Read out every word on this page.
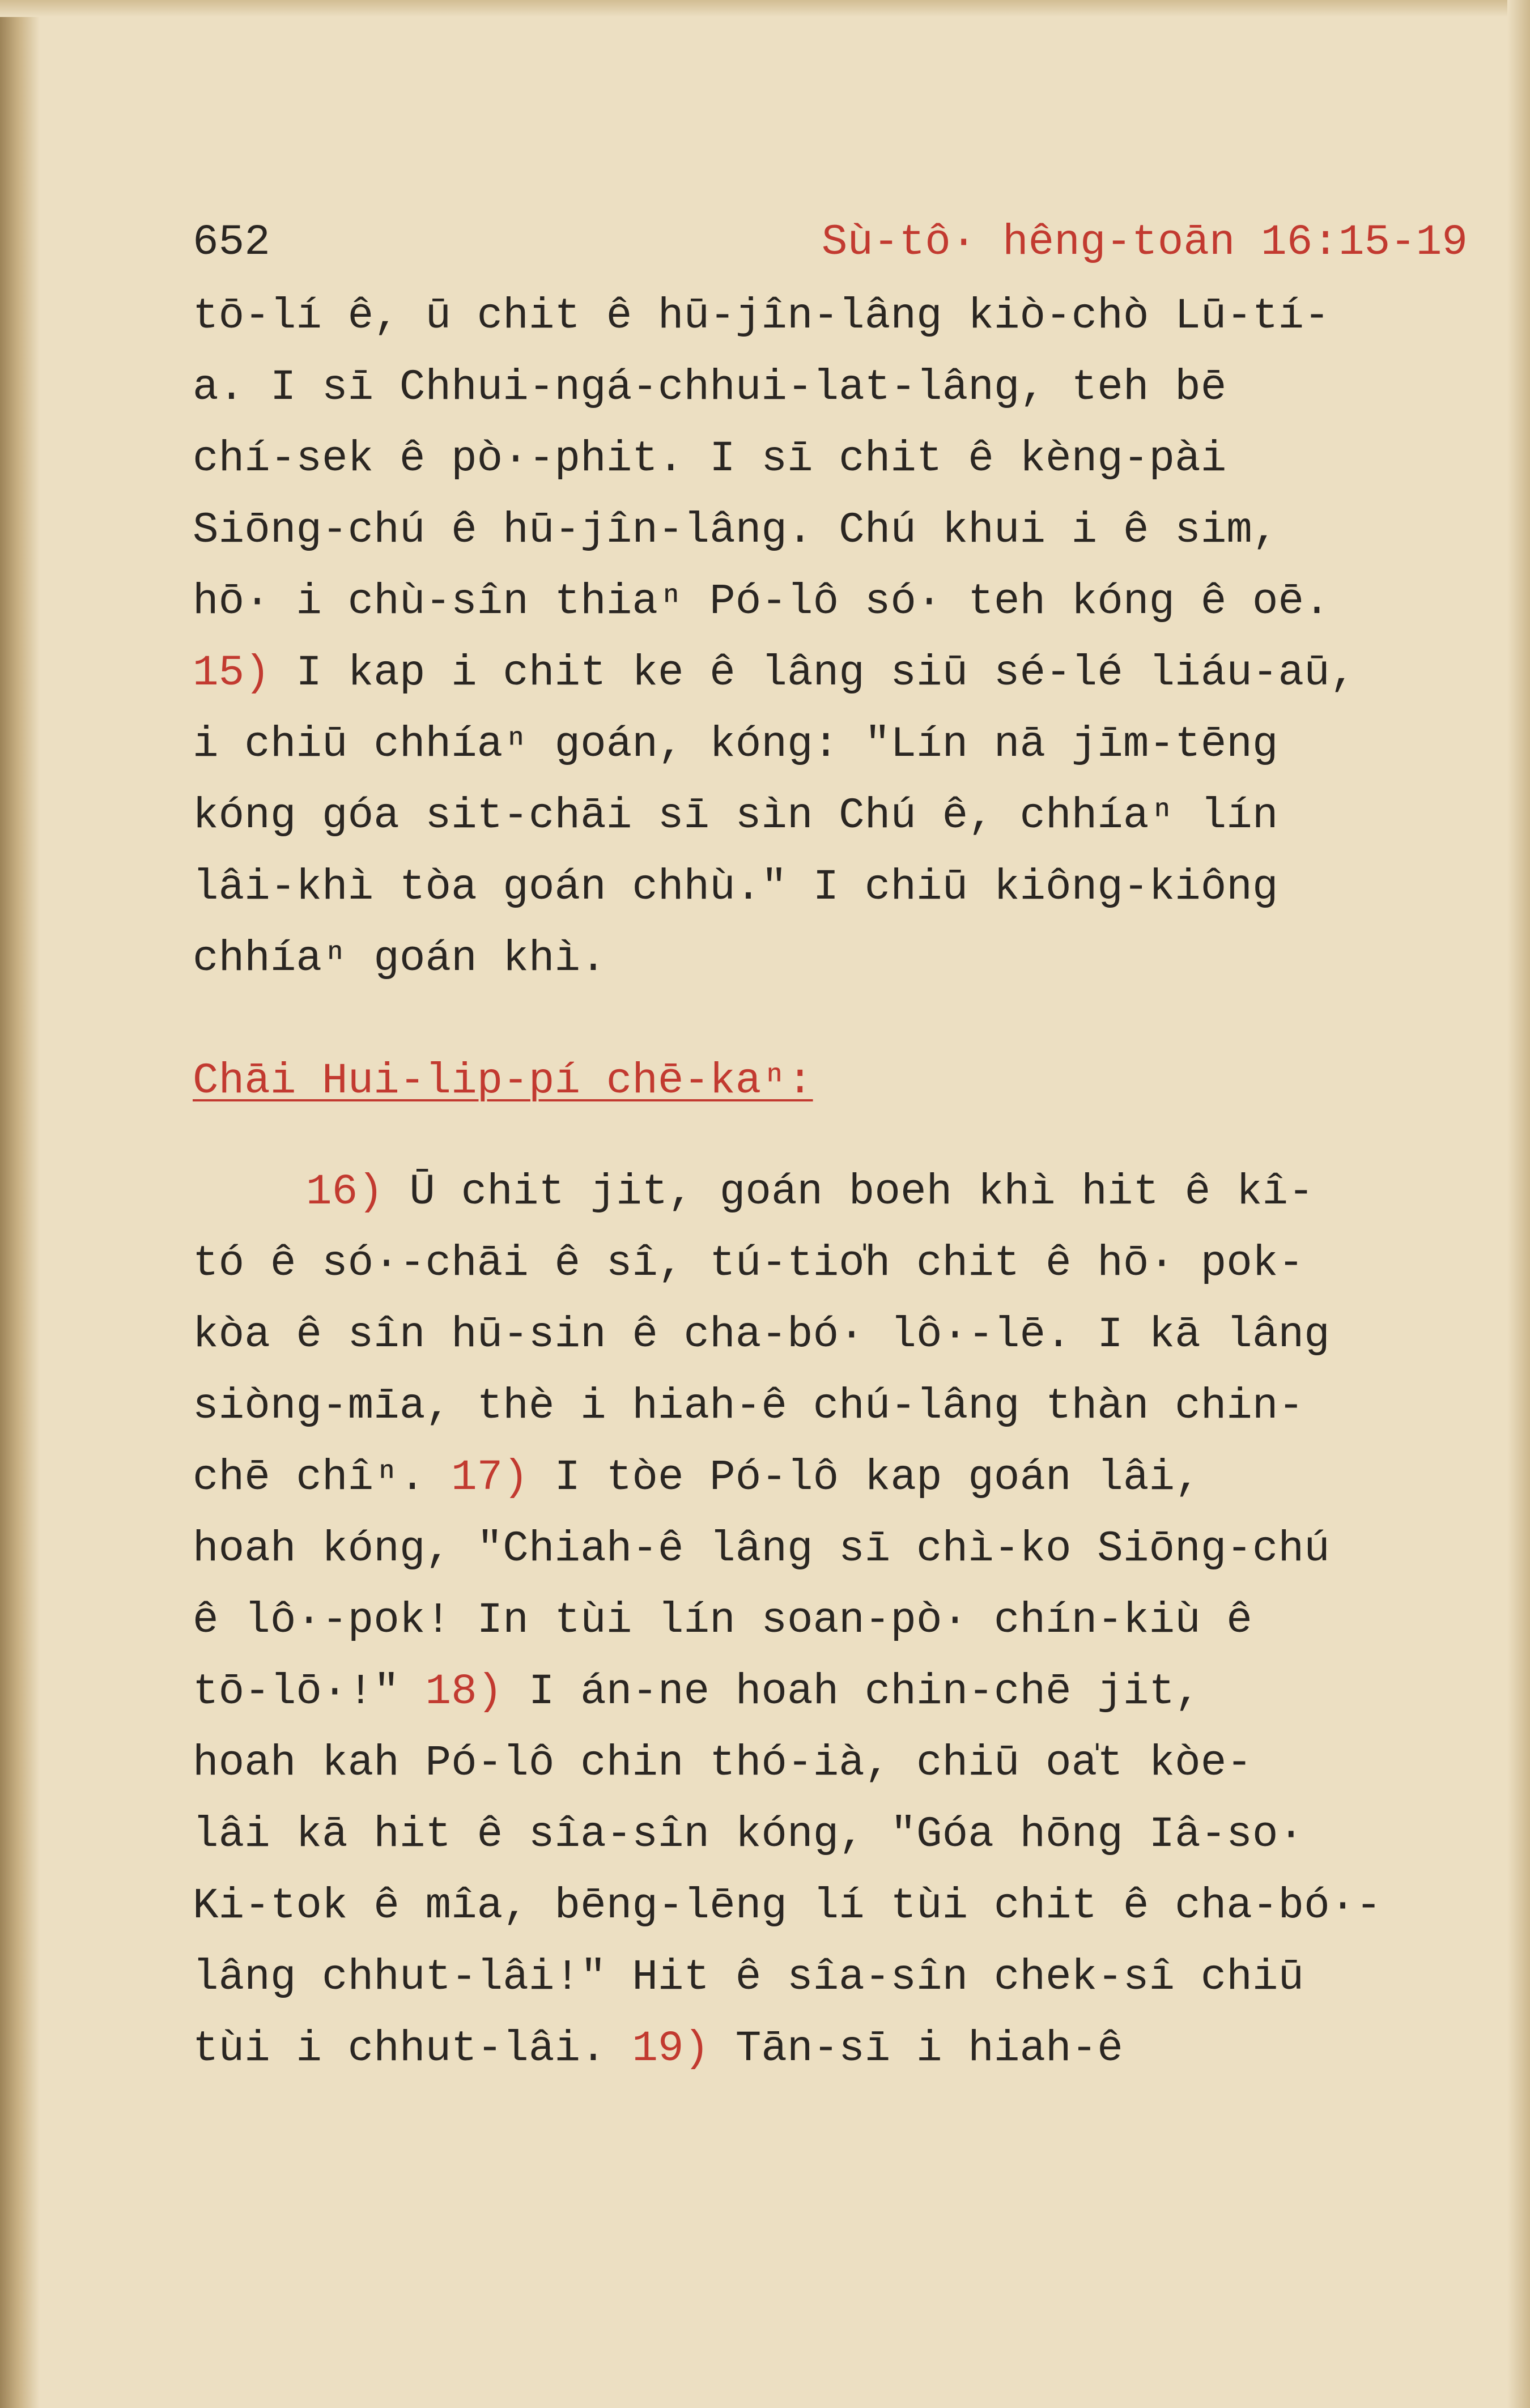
652	Sù-tô· hêng-toān 16:15-19
tō-lí ê, ū chit ê hū-jîn-lâng kiò-chò Lū-tí-
a. I sī Chhui-ngá-chhui-lat-lâng, teh bē
chí-sek ê pò·-phit. I sī chit ê kèng-pài
Siōng-chú ê hū-jîn-lâng. Chú khui i ê sim,
hō· i chù-sîn thiaⁿ Pó-lô só· teh kóng ê oē.
15) I kap i chit ke ê lâng siū sé-lé liáu-aū,
i chiū chhíaⁿ goán, kóng: "Lín nā jīm-tēng
kóng góa sit-chāi sī sìn Chú ê, chhíaⁿ lín
lâi-khì tòa goán chhù." I chiū kiông-kiông
chhíaⁿ goán khì.
Chāi Hui-lip-pí chē-kaⁿ:
16) Ū chit jit, goán boeh khì hit ê kî-
tó ê só·-chāi ê sî, tú-tio̍h chit ê hō· pok-
kòa ê sîn hū-sin ê cha-bó· lô·-lē. I kā lâng
siòng-mīa, thè i hiah-ê chú-lâng thàn chin-
chē chîⁿ. 17) I tòe Pó-lô kap goán lâi,
hoah kóng, "Chiah-ê lâng sī chì-ko Siōng-chú
ê lô·-pok! In tùi lín soan-pò· chín-kiù ê
tō-lō·!" 18) I án-ne hoah chin-chē jit,
hoah kah Pó-lô chin thó-ià, chiū oa̍t kòe-
lâi kā hit ê sîa-sîn kóng, "Góa hōng Iâ-so·
Ki-tok ê mîa, bēng-lēng lí tùi chit ê cha-bó·-
lâng chhut-lâi!" Hit ê sîa-sîn chek-sî chiū
tùi i chhut-lâi. 19) Tān-sī i hiah-ê
